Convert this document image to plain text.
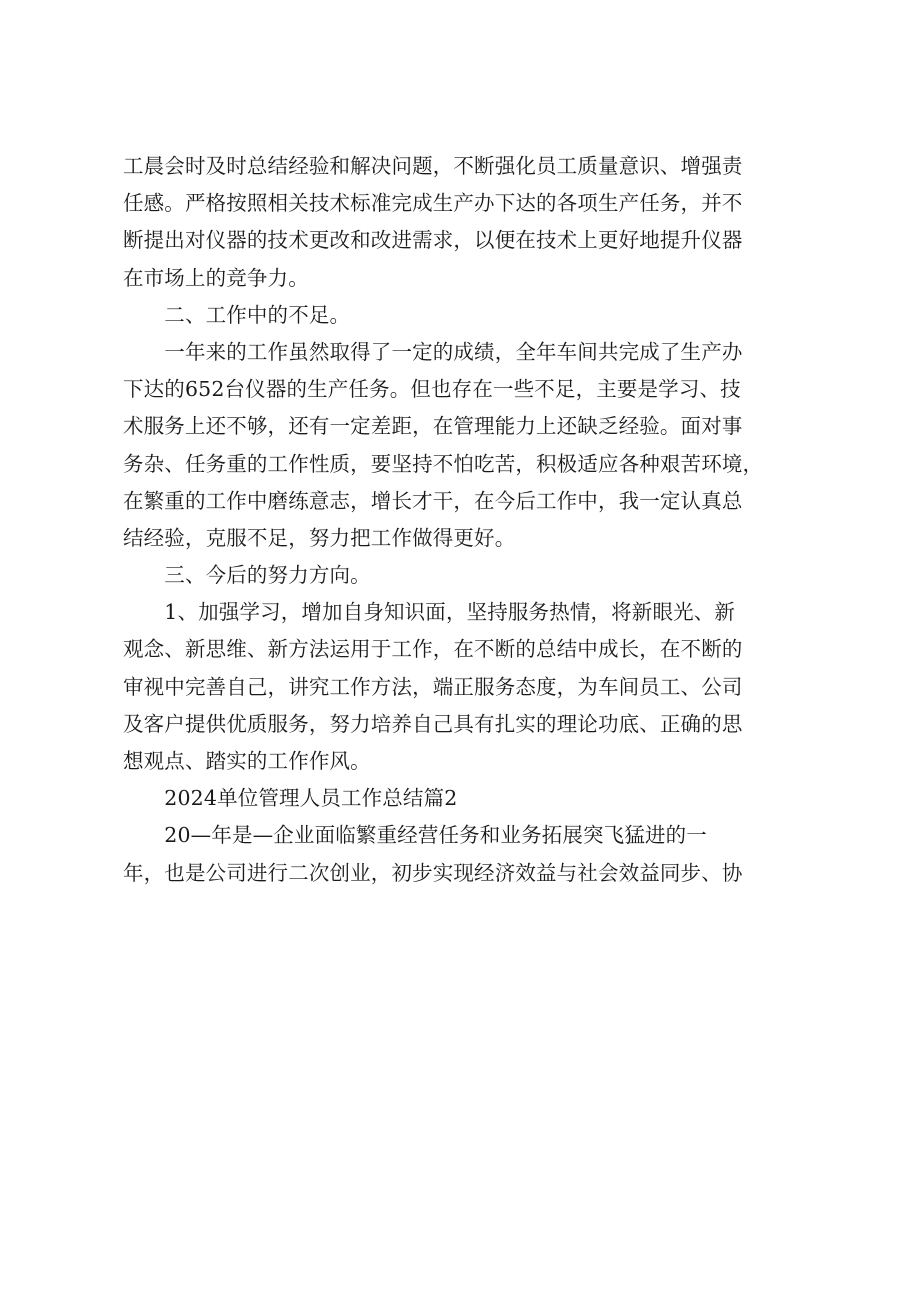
工晨会时及时总结经验和解决问题，不断强化员工质量意识、增强责
任感。严格按照相关技术标准完成生产办下达的各项生产任务，并不
断提出对仪器的技术更改和改进需求，以便在技术上更好地提升仪器
在市场上的竞争力。
　　二、工作中的不足。
　　一年来的工作虽然取得了一定的成绩，全年车间共完成了生产办
下达的652台仪器的生产任务。但也存在一些不足，主要是学习、技
术服务上还不够，还有一定差距，在管理能力上还缺乏经验。面对事
务杂、任务重的工作性质，要坚持不怕吃苦，积极适应各种艰苦环境，
在繁重的工作中磨练意志，增长才干，在今后工作中，我一定认真总
结经验，克服不足，努力把工作做得更好。
　　三、今后的努力方向。
　　1、加强学习，增加自身知识面，坚持服务热情，将新眼光、新
观念、新思维、新方法运用于工作，在不断的总结中成长，在不断的
审视中完善自己，讲究工作方法，端正服务态度，为车间员工、公司
及客户提供优质服务，努力培养自己具有扎实的理论功底、正确的思
想观点、踏实的工作作风。
　　2024单位管理人员工作总结篇2
　　20—年是—企业面临繁重经营任务和业务拓展突飞猛进的一
年，也是公司进行二次创业，初步实现经济效益与社会效益同步、协
